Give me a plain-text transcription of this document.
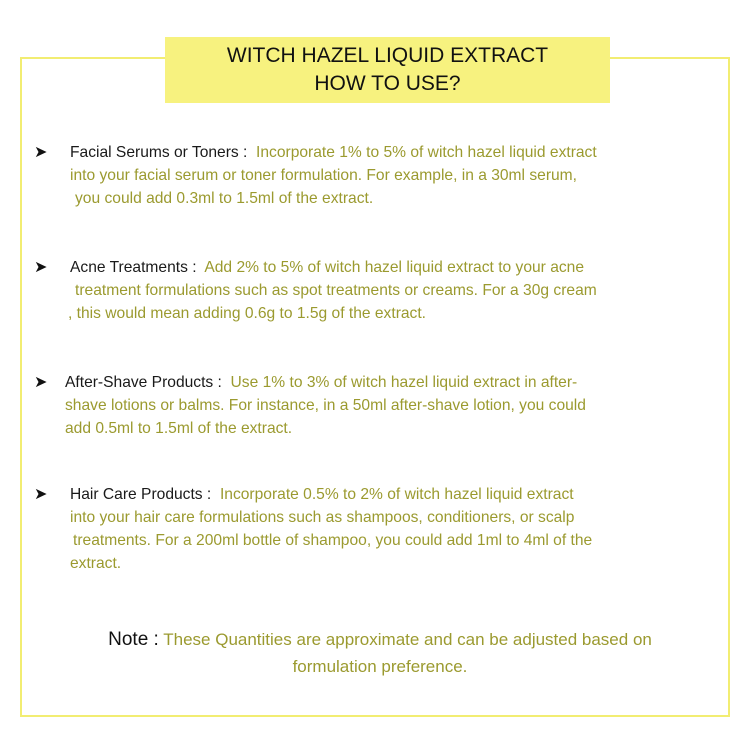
WITCH HAZEL LIQUID EXTRACT
HOW TO USE?
➤	Facial Serums or Toners : Incorporate 1% to 5% of witch hazel liquid extract
into your facial serum or toner formulation. For example, in a 30ml serum,
you could add 0.3ml to 1.5ml of the extract.
➤	Acne Treatments : Add 2% to 5% of witch hazel liquid extract to your acne
treatment formulations such as spot treatments or creams. For a 30g cream
, this would mean adding 0.6g to 1.5g of the extract.
➤	After-Shave Products : Use 1% to 3% of witch hazel liquid extract in after-
shave lotions or balms. For instance, in a 50ml after-shave lotion, you could
add 0.5ml to 1.5ml of the extract.
➤	Hair Care Products : Incorporate 0.5% to 2% of witch hazel liquid extract
into your hair care formulations such as shampoos, conditioners, or scalp
treatments. For a 200ml bottle of shampoo, you could add 1ml to 4ml of the
extract.
Note : These Quantities are approximate and can be adjusted based on
formulation preference.
